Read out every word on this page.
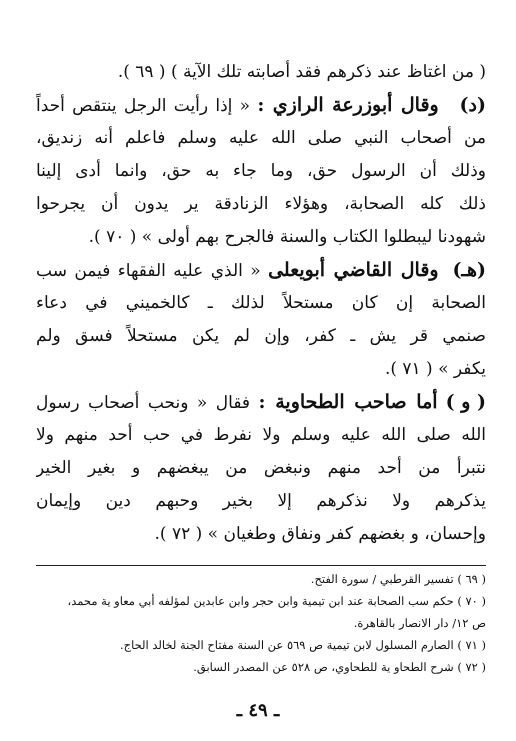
( من اغتاظ عند ذكرهم فقد أصابته تلك الآية ) ( ٦٩ ).
(د) وقال أبوزرعة الرازي : « إذا رأيت الرجل ينتقص أحداً
من أصحاب النبي صلى الله عليه وسلم فاعلم أنه زنديق،
وذلك أن الرسول حق، وما جاء به حق، وانما أدى إلينا
ذلك كله الصحابة، وهؤلاء الزنادقة ير يدون أن يجرحوا
شهودنا ليبطلوا الكتاب والسنة فالجرح بهم أولى » ( ٧٠ ).
(هـ) وقال القاضي أبويعلى « الذي عليه الفقهاء فيمن سب
الصحابة إن كان مستحلاً لذلك ـ كالخميني في دعاء
صنمي قر يش ـ كفر، وإن لم يكن مستحلاً فسق ولم
يكفر » ( ٧١ ).
( و ) أما صاحب الطحاوية : فقال « ونحب أصحاب رسول
الله صلى الله عليه وسلم ولا نفرط في حب أحد منهم ولا
نتبرأ من أحد منهم ونبغض من يبغضهم و بغير الخير
يذكرهم ولا نذكرهم إلا بخير وحبهم دين وإيمان
وإحسان، و بغضهم كفر ونفاق وطغيان » ( ٧٢ ).
( ٦٩ ) تفسير القرطبي / سورة الفتح.
( ٧٠ ) حكم سب الصحابة عند ابن تيمية وابن حجر وابن عابدين لمؤلفه أبي معاو ية محمد،
ص ١٢/ دار الانصار بالقاهرة.
( ٧١ ) الصارم المسلول لابن تيمية ص ٥٦٩ عن السنة مفتاح الجنة لخالد الحاج.
( ٧٢ ) شرح الطحاو ية للطحاوي، ص ٥٢٨ عن المصدر السابق.
ـ ٤٩ ـ
